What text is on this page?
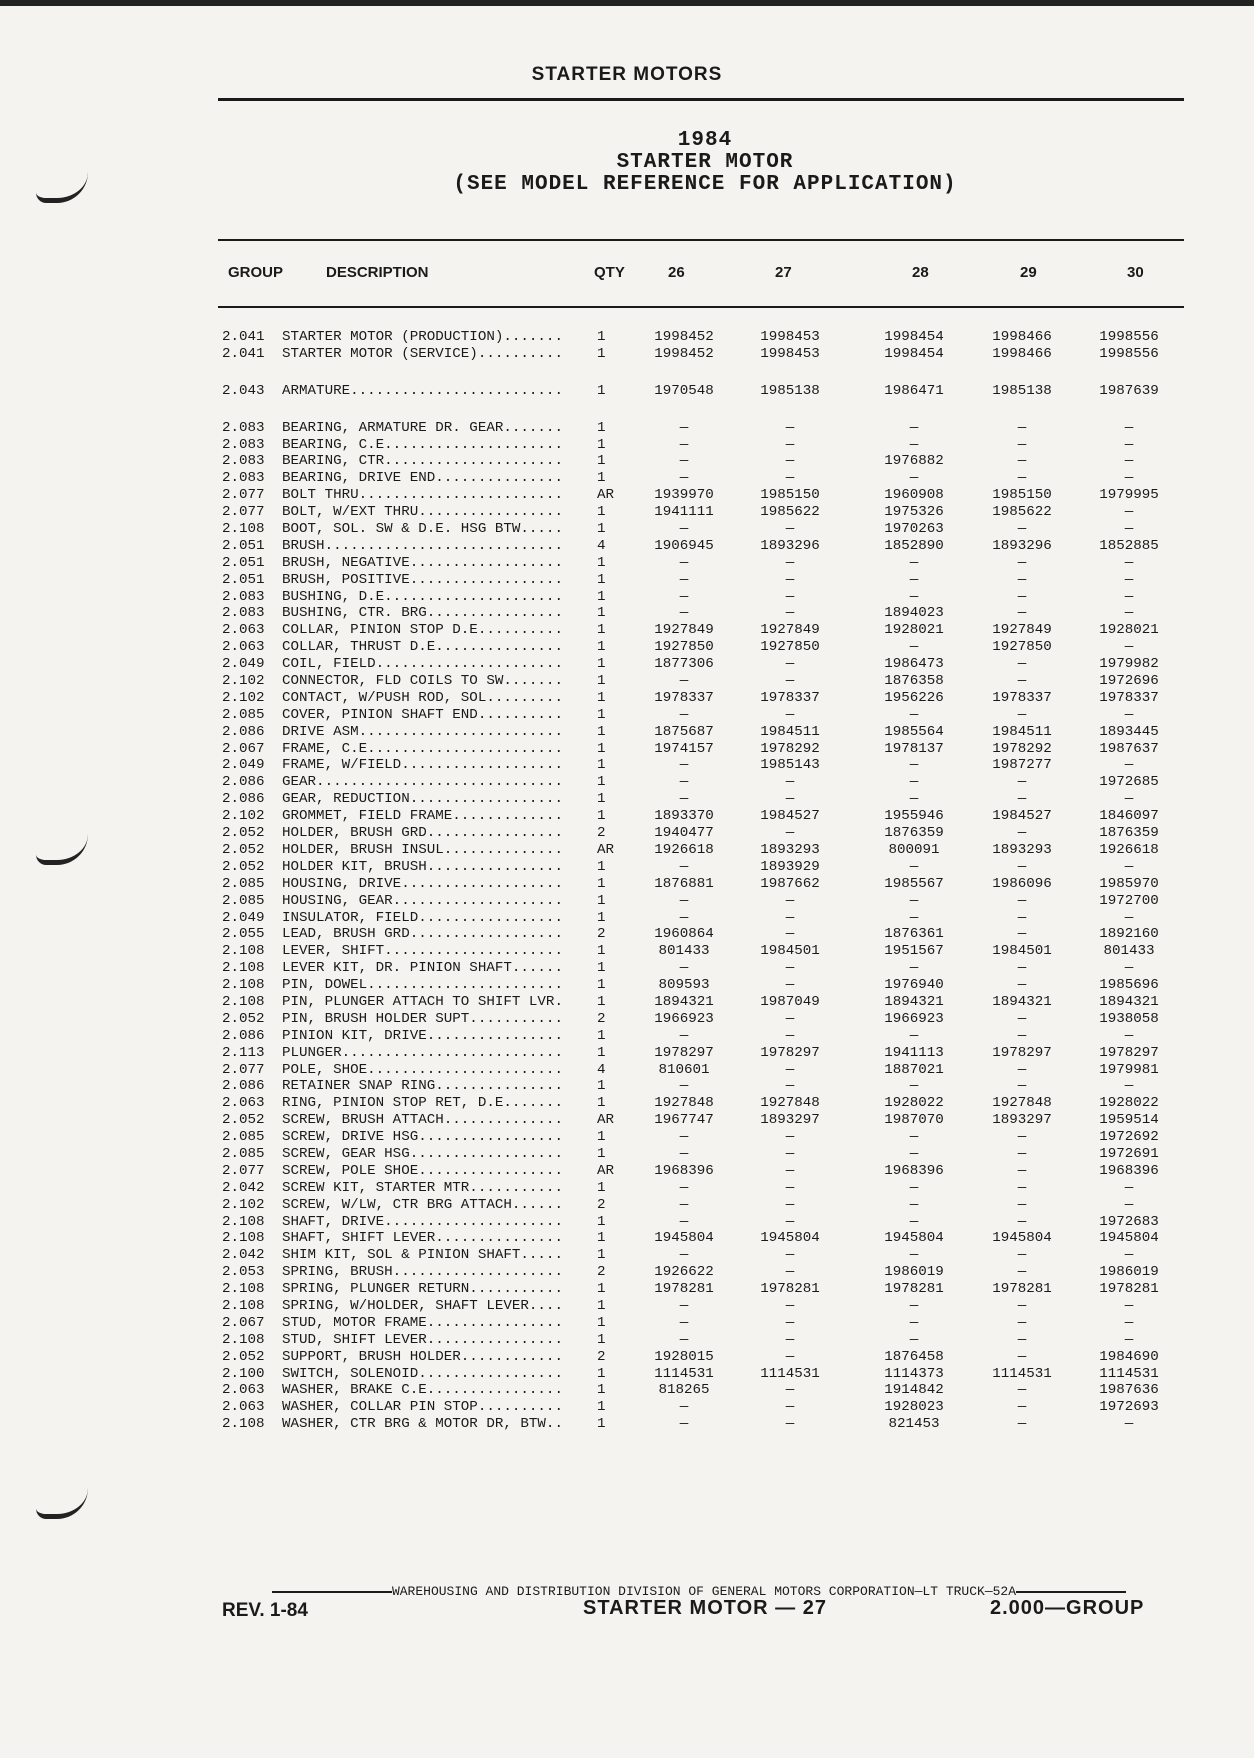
STARTER MOTORS
1984
STARTER MOTOR
(SEE MODEL REFERENCE FOR APPLICATION)
GROUP	DESCRIPTION	QTY	26	27	28	29	30
2.041 STARTER MOTOR (PRODUCTION)....... 1	1998452	1998453	1998454	1998466	1998556
2.041 STARTER MOTOR (SERVICE).......... 1	1998452	1998453	1998454	1998466	1998556
2.043 ARMATURE......................... 1	1970548	1985138	1986471	1985138	1987639
2.083 BEARING, ARMATURE DR. GEAR....... 1	—	—	—	—	—
2.083 BEARING, C.E..................... 1	—	—	—	—	—
2.083 BEARING, CTR..................... 1	—	—	1976882	—	—
2.083 BEARING, DRIVE END............... 1	—	—	—	—	—
2.077 BOLT THRU........................ AR	1939970	1985150	1960908	1985150	1979995
2.077 BOLT, W/EXT THRU................. 1	1941111	1985622	1975326	1985622	—
2.108 BOOT, SOL. SW & D.E. HSG BTW..... 1	—	—	1970263	—	—
2.051 BRUSH............................ 4	1906945	1893296	1852890	1893296	1852885
2.051 BRUSH, NEGATIVE.................. 1	—	—	—	—	—
2.051 BRUSH, POSITIVE.................. 1	—	—	—	—	—
2.083 BUSHING, D.E..................... 1	—	—	—	—	—
2.083 BUSHING, CTR. BRG................ 1	—	—	1894023	—	—
2.063 COLLAR, PINION STOP D.E.......... 1	1927849	1927849	1928021	1927849	1928021
2.063 COLLAR, THRUST D.E............... 1	1927850	1927850	—	1927850	—
2.049 COIL, FIELD...................... 1	1877306	—	1986473	—	1979982
2.102 CONNECTOR, FLD COILS TO SW....... 1	—	—	1876358	—	1972696
2.102 CONTACT, W/PUSH ROD, SOL......... 1	1978337	1978337	1956226	1978337	1978337
2.085 COVER, PINION SHAFT END.......... 1	—	—	—	—	—
2.086 DRIVE ASM........................ 1	1875687	1984511	1985564	1984511	1893445
2.067 FRAME, C.E....................... 1	1974157	1978292	1978137	1978292	1987637
2.049 FRAME, W/FIELD................... 1	—	1985143	—	1987277	—
2.086 GEAR............................. 1	—	—	—	—	1972685
2.086 GEAR, REDUCTION.................. 1	—	—	—	—	—
2.102 GROMMET, FIELD FRAME............. 1	1893370	1984527	1955946	1984527	1846097
2.052 HOLDER, BRUSH GRD................ 2	1940477	—	1876359	—	1876359
2.052 HOLDER, BRUSH INSUL.............. AR	1926618	1893293	800091	1893293	1926618
2.052 HOLDER KIT, BRUSH................ 1	—	1893929	—	—	—
2.085 HOUSING, DRIVE................... 1	1876881	1987662	1985567	1986096	1985970
2.085 HOUSING, GEAR.................... 1	—	—	—	—	1972700
2.049 INSULATOR, FIELD................. 1	—	—	—	—	—
2.055 LEAD, BRUSH GRD.................. 2	1960864	—	1876361	—	1892160
2.108 LEVER, SHIFT..................... 1	801433	1984501	1951567	1984501	801433
2.108 LEVER KIT, DR. PINION SHAFT...... 1	—	—	—	—	—
2.108 PIN, DOWEL....................... 1	809593	—	1976940	—	1985696
2.108 PIN, PLUNGER ATTACH TO SHIFT LVR. 1	1894321	1987049	1894321	1894321	1894321
2.052 PIN, BRUSH HOLDER SUPT........... 2	1966923	—	1966923	—	1938058
2.086 PINION KIT, DRIVE................ 1	—	—	—	—	—
2.113 PLUNGER.......................... 1	1978297	1978297	1941113	1978297	1978297
2.077 POLE, SHOE....................... 4	810601	—	1887021	—	1979981
2.086 RETAINER SNAP RING............... 1	—	—	—	—	—
2.063 RING, PINION STOP RET, D.E....... 1	1927848	1927848	1928022	1927848	1928022
2.052 SCREW, BRUSH ATTACH.............. AR	1967747	1893297	1987070	1893297	1959514
2.085 SCREW, DRIVE HSG................. 1	—	—	—	—	1972692
2.085 SCREW, GEAR HSG.................. 1	—	—	—	—	1972691
2.077 SCREW, POLE SHOE................. AR	1968396	—	1968396	—	1968396
2.042 SCREW KIT, STARTER MTR........... 1	—	—	—	—	—
2.102 SCREW, W/LW, CTR BRG ATTACH...... 2	—	—	—	—	—
2.108 SHAFT, DRIVE..................... 1	—	—	—	—	1972683
2.108 SHAFT, SHIFT LEVER............... 1	1945804	1945804	1945804	1945804	1945804
2.042 SHIM KIT, SOL & PINION SHAFT..... 1	—	—	—	—	—
2.053 SPRING, BRUSH.................... 2	1926622	—	1986019	—	1986019
2.108 SPRING, PLUNGER RETURN........... 1	1978281	1978281	1978281	1978281	1978281
2.108 SPRING, W/HOLDER, SHAFT LEVER.... 1	—	—	—	—	—
2.067 STUD, MOTOR FRAME................ 1	—	—	—	—	—
2.108 STUD, SHIFT LEVER................ 1	—	—	—	—	—
2.052 SUPPORT, BRUSH HOLDER............ 2	1928015	—	1876458	—	1984690
2.100 SWITCH, SOLENOID................. 1	1114531	1114531	1114373	1114531	1114531
2.063 WASHER, BRAKE C.E................ 1	818265	—	1914842	—	1987636
2.063 WASHER, COLLAR PIN STOP.......... 1	—	—	1928023	—	1972693
2.108 WASHER, CTR BRG & MOTOR DR, BTW.. 1	—	—	821453	—	—
WAREHOUSING AND DISTRIBUTION DIVISION OF GENERAL MOTORS CORPORATION—LT TRUCK—52A
REV. 1-84	STARTER MOTOR — 27	2.000—GROUP
